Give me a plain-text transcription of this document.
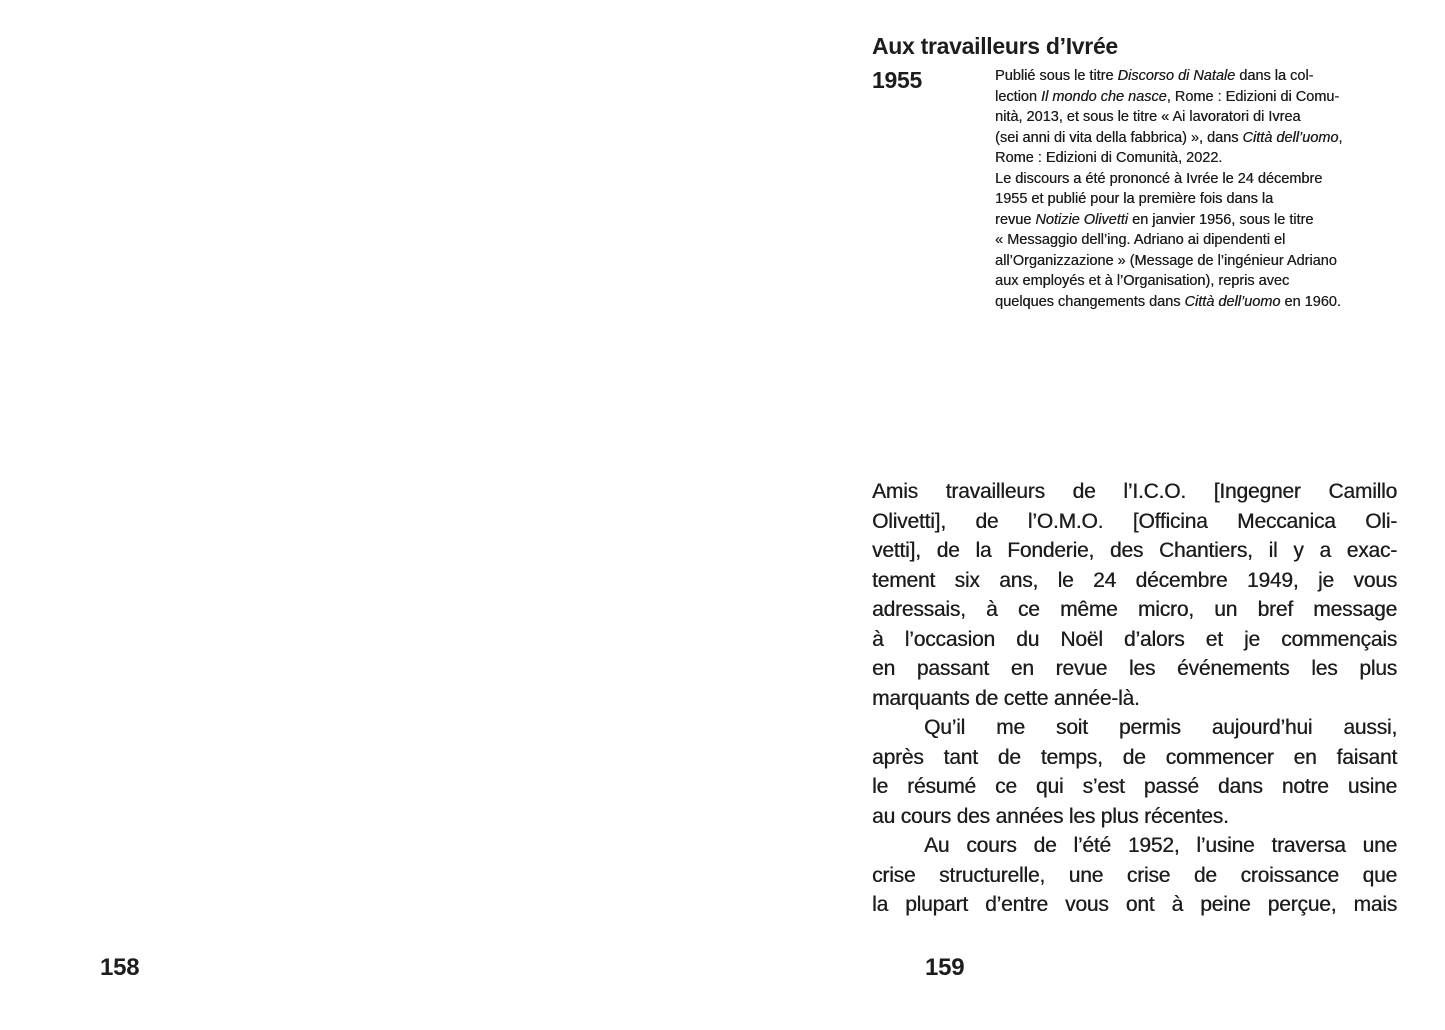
158
Aux travailleurs d’Ivrée
1955	Publié sous le titre Discorso di Natale dans la col-
lection Il mondo che nasce, Rome : Edizioni di Comu-
nità, 2013, et sous le titre « Ai lavoratori di Ivrea
(sei anni di vita della fabbrica) », dans Città dell’uomo,
Rome : Edizioni di Comunità, 2022.
Le discours a été prononcé à Ivrée le 24 décembre
1955 et publié pour la première fois dans la
revue Notizie Olivetti en janvier 1956, sous le titre
« Messaggio dell’ing. Adriano ai dipendenti el
all’Organizzazione » (Message de l’ingénieur Adriano
aux employés et à l’Organisation), repris avec
quelques changements dans Città dell’uomo en 1960.
Amis travailleurs de l’I.C.O. [Ingegner Camillo
Olivetti], de l’O.M.O. [Officina Meccanica Oli-
vetti], de la Fonderie, des Chantiers, il y a exac-
tement six ans, le 24 décembre 1949, je vous
adressais, à ce même micro, un bref message
à l’occasion du Noël d’alors et je commençais
en passant en revue les événements les plus
marquants de cette année-là.
Qu’il me soit permis aujourd’hui aussi,
après tant de temps, de commencer en faisant
le résumé ce qui s’est passé dans notre usine
au cours des années les plus récentes.
Au cours de l’été 1952, l’usine traversa une
crise structurelle, une crise de croissance que
la plupart d’entre vous ont à peine perçue, mais
159
